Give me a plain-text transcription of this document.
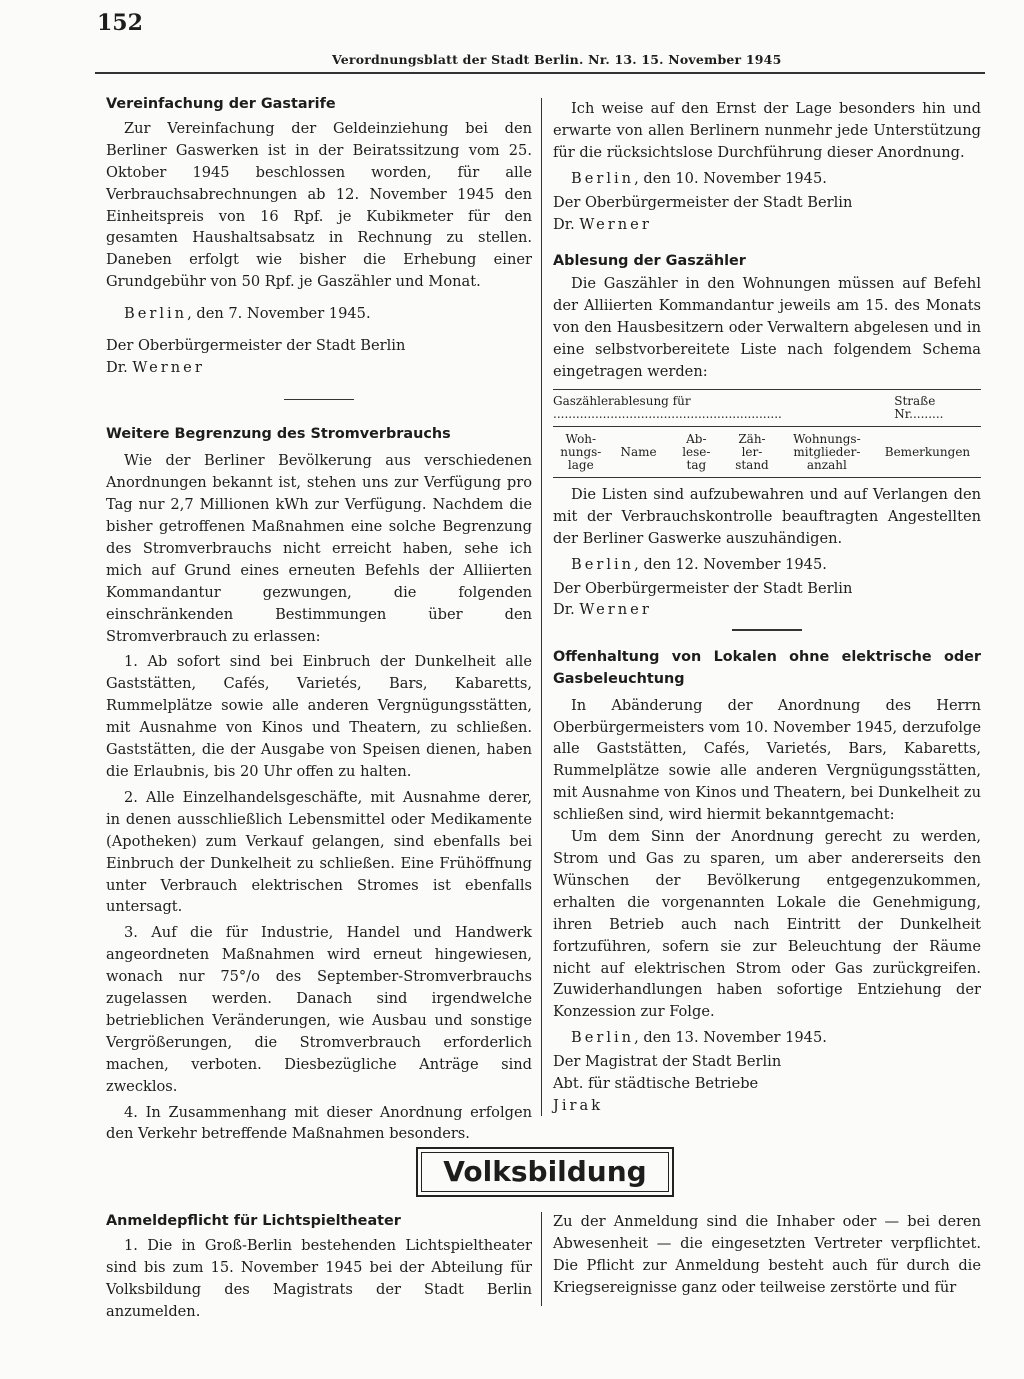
152
Verordnungsblatt der Stadt Berlin. Nr. 13. 15. November 1945

Vereinfachung der Gastarife

Zur Vereinfachung der Geldeinziehung bei den Berliner Gaswerken ist in der Beiratssitzung vom 25. Oktober 1945 beschlossen worden, für alle Verbrauchsabrechnungen ab 12. November 1945 den Einheitspreis von 16 Rpf. je Kubikmeter für den gesamten Haushaltsabsatz in Rechnung zu stellen. Daneben erfolgt wie bisher die Erhebung einer Grundgebühr von 50 Rpf. je Gaszähler und Monat.

Berlin, den 7. November 1945.

Der Oberbürgermeister der Stadt Berlin

Dr. Werner

Weitere Begrenzung des Stromverbrauchs

Wie der Berliner Bevölkerung aus verschiedenen Anordnungen bekannt ist, stehen uns zur Verfügung pro Tag nur 2,7 Millionen kWh zur Verfügung. Nachdem die bisher getroffenen Maßnahmen eine solche Begrenzung des Stromverbrauchs nicht erreicht haben, sehe ich mich auf Grund eines erneuten Befehls der Alliierten Kommandantur gezwungen, die folgenden einschränkenden Bestimmungen über den Stromverbrauch zu erlassen:

1. Ab sofort sind bei Einbruch der Dunkelheit alle Gaststätten, Cafés, Varietés, Bars, Kabaretts, Rummelplätze sowie alle anderen Vergnügungsstätten, mit Ausnahme von Kinos und Theatern, zu schließen. Gaststätten, die der Ausgabe von Speisen dienen, haben die Erlaubnis, bis 20 Uhr offen zu halten.

2. Alle Einzelhandelsgeschäfte, mit Ausnahme derer, in denen ausschließlich Lebensmittel oder Medikamente (Apotheken) zum Verkauf gelangen, sind ebenfalls bei Einbruch der Dunkelheit zu schließen. Eine Frühöffnung unter Verbrauch elektrischen Stromes ist ebenfalls untersagt.

3. Auf die für Industrie, Handel und Handwerk angeordneten Maßnahmen wird erneut hingewiesen, wonach nur 75°/o des September-Stromverbrauchs zugelassen werden. Danach sind irgendwelche betrieblichen Veränderungen, wie Ausbau und sonstige Vergrößerungen, die Stromverbrauch erforderlich machen, verboten. Diesbezügliche Anträge sind zwecklos.

4. In Zusammenhang mit dieser Anordnung erfolgen den Verkehr betreffende Maßnahmen besonders.

Ich weise auf den Ernst der Lage besonders hin und erwarte von allen Berlinern nunmehr jede Unterstützung für die rücksichtslose Durchführung dieser Anordnung.

Berlin, den 10. November 1945.

Der Oberbürgermeister der Stadt Berlin

Dr. Werner

Ablesung der Gaszähler

Die Gaszähler in den Wohnungen müssen auf Befehl der Alliierten Kommandantur jeweils am 15. des Monats von den Hausbesitzern oder Verwaltern abgelesen und in eine selbstvorbereitete Liste nach folgendem Schema eingetragen werden:

Gaszählerablesung für ............................................................
Straße Nr.........
Woh-
nungs-
lage

Name

Ab-
lese-
tag

Zäh-
ler-
stand

Wohnungs-
mitglieder-
anzahl

Bemerkungen

Die Listen sind aufzubewahren und auf Verlangen den mit der Verbrauchskontrolle beauftragten Angestellten der Berliner Gaswerke auszuhändigen.

Berlin, den 12. November 1945.

Der Oberbürgermeister der Stadt Berlin

Dr. Werner

Offenhaltung von Lokalen ohne elektrische oder Gasbeleuchtung

In Abänderung der Anordnung des Herrn Oberbürgermeisters vom 10. November 1945, derzufolge alle Gaststätten, Cafés, Varietés, Bars, Kabaretts, Rummelplätze sowie alle anderen Vergnügungsstätten, mit Ausnahme von Kinos und Theatern, bei Dunkelheit zu schließen sind, wird hiermit bekanntgemacht:

Um dem Sinn der Anordnung gerecht zu werden, Strom und Gas zu sparen, um aber andererseits den Wünschen der Bevölkerung entgegenzukommen, erhalten die vorgenannten Lokale die Genehmigung, ihren Betrieb auch nach Eintritt der Dunkelheit fortzuführen, sofern sie zur Beleuchtung der Räume nicht auf elektrischen Strom oder Gas zurückgreifen. Zuwiderhandlungen haben sofortige Entziehung der Konzession zur Folge.

Berlin, den 13. November 1945.

Der Magistrat der Stadt Berlin

Abt. für städtische Betriebe

Jirak

Volksbildung

Anmeldepflicht für Lichtspieltheater

1. Die in Groß-Berlin bestehenden Lichtspieltheater sind bis zum 15. November 1945 bei der Abteilung für Volksbildung des Magistrats der Stadt Berlin anzumelden.

Zu der Anmeldung sind die Inhaber oder — bei deren Abwesenheit — die eingesetzten Vertreter verpflichtet. Die Pflicht zur Anmeldung besteht auch für durch die Kriegsereignisse ganz oder teilweise zerstörte und für
